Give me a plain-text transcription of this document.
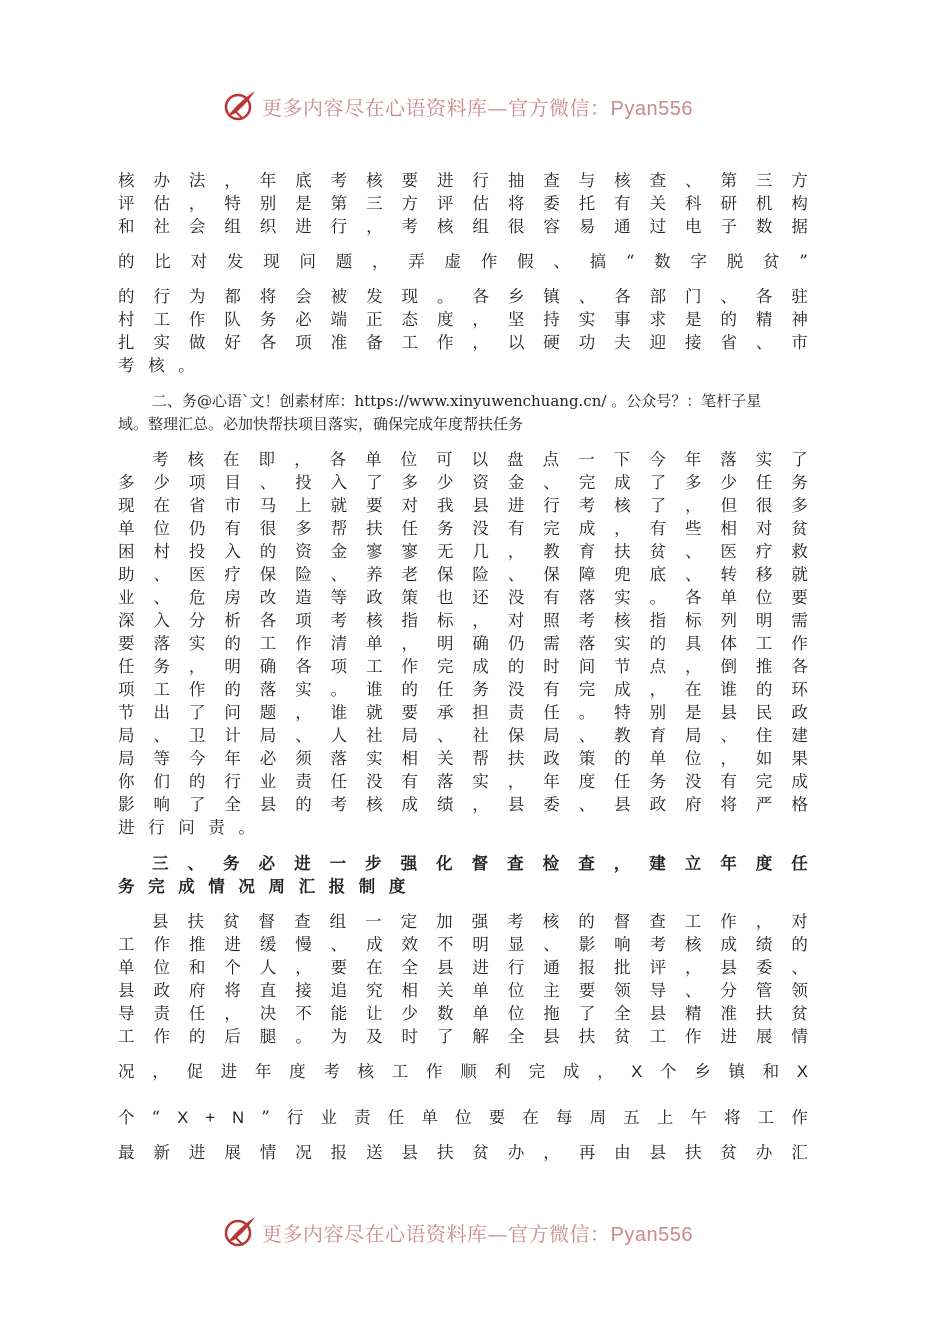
更多内容尽在心语资料库—官方微信：Pyan556
核 办 法 ， 年 底 考 核 要 进 行 抽 查 与 核 查 、 第 三 方
评 估 ， 特 别 是 第 三 方 评 估 将 委 托 有 关 科 研 机 构
和 社 会 组 织 进 行 ， 考 核 组 很 容 易 通 过 电 子 数 据
的 比 对 发 现 问 题 ， 弄 虚 作 假 、 搞 “ 数 字 脱 贫 ”
的 行 为 都 将 会 被 发 现 。 各 乡 镇 、 各 部 门 、 各 驻
村 工 作 队 务 必 端 正 态 度 ， 坚 持 实 事 求 是 的 精 神
扎 实 做 好 各 项 准 备 工 作 ， 以 硬 功 夫 迎 接 省 、 市
考 核 。
二、务@心语`文！创素材库：https://www.xinyuwenchuang.cn/ 。公众号？：笔杆子星
域。整理汇总。必加快帮扶项目落实，确保完成年度帮扶任务
考 核 在 即 ， 各 单 位 可 以 盘 点 一 下 今 年 落 实 了
多 少 项 目 、 投 入 了 多 少 资 金 、 完 成 了 多 少 任 务
现 在 省 市 马 上 就 要 对 我 县 进 行 考 核 了 ， 但 很 多
单 位 仍 有 很 多 帮 扶 任 务 没 有 完 成 ， 有 些 相 对 贫
困 村 投 入 的 资 金 寥 寥 无 几 ， 教 育 扶 贫 、 医 疗 救
助 、 医 疗 保 险 、 养 老 保 险 、 保 障 兜 底 、 转 移 就
业 、 危 房 改 造 等 政 策 也 还 没 有 落 实 。 各 单 位 要
深 入 分 析 各 项 考 核 指 标 ， 对 照 考 核 指 标 列 明 需
要 落 实 的 工 作 清 单 ， 明 确 仍 需 落 实 的 具 体 工 作
任 务 ， 明 确 各 项 工 作 完 成 的 时 间 节 点 ， 倒 推 各
项 工 作 的 落 实 。 谁 的 任 务 没 有 完 成 ， 在 谁 的 环
节 出 了 问 题 ， 谁 就 要 承 担 责 任 。 特 别 是 县 民 政
局 、 卫 计 局 、 人 社 局 、 社 保 局 、 教 育 局 、 住 建
局 等 今 年 必 须 落 实 相 关 帮 扶 政 策 的 单 位 ， 如 果
你 们 的 行 业 责 任 没 有 落 实 ， 年 度 任 务 没 有 完 成
影 响 了 全 县 的 考 核 成 绩 ， 县 委 、 县 政 府 将 严 格
进 行 问 责 。
三 、 务 必 进 一 步 强 化 督 查 检 查 ， 建 立 年 度 任
务 完 成 情 况 周 汇 报 制 度
县 扶 贫 督 查 组 一 定 加 强 考 核 的 督 查 工 作 ， 对
工 作 推 进 缓 慢 、 成 效 不 明 显 、 影 响 考 核 成 绩 的
单 位 和 个 人 ， 要 在 全 县 进 行 通 报 批 评 ， 县 委 、
县 政 府 将 直 接 追 究 相 关 单 位 主 要 领 导 、 分 管 领
导 责 任 ， 决 不 能 让 少 数 单 位 拖 了 全 县 精 准 扶 贫
工 作 的 后 腿 。 为 及 时 了 解 全 县 扶 贫 工 作 进 展 情
况 ， 促 进 年 度 考 核 工 作 顺 利 完 成 ， X 个 乡 镇 和 X
个 “ X + N ” 行 业 责 任 单 位 要 在 每 周 五 上 午 将 工 作
最 新 进 展 情 况 报 送 县 扶 贫 办 ， 再 由 县 扶 贫 办 汇
更多内容尽在心语资料库—官方微信：Pyan556
